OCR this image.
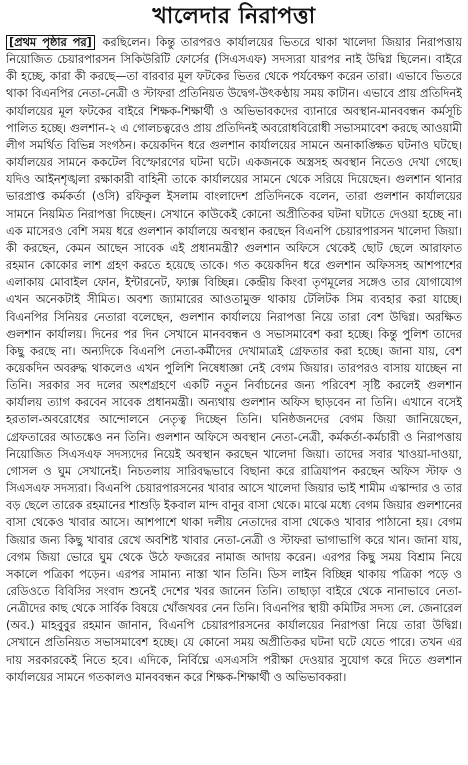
খালেদার নিরাপত্তা
[প্রথম পৃষ্ঠার পর] করছিলেন। কিন্তু তারপরও কার্যালয়ের ভিতরে থাকা খালেদা জিয়ার নিরাপত্তায় নিয়োজিত চেয়ারপারসন সিকিউরিটি ফোর্সের (সিএসএফ) সদস্যরা যারপর নাই উদ্বিগ্ন ছিলেন। বাইরে কী হচ্ছে, কারা কী করছে—তা বারবার মূল ফটকের ভিতর থেকে পর্যবেক্ষণ করেন তারা। এভাবে ভিতরে থাকা বিএনপির নেতা-নেত্রী ও স্টাফরা প্রতিনিয়ত উদ্বেগ-উৎকণ্ঠায় সময় কাটান। এভাবে প্রায় প্রতিদিনই কার্যালয়ের মূল ফটকের বাইরে শিক্ষক-শিক্ষার্থী ও অভিভাবকদের ব্যানারে অবস্থান-মানববন্ধন কর্মসূচি পালিত হচ্ছে। গুলশান-২ এ গোলচত্বরেও প্রায় প্রতিদিনই অবরোধবিরোধী সভাসমাবেশ করছে আওয়ামী লীগ সমর্থিত বিভিন্ন সংগঠন। কয়েকদিন ধরে গুলশান কার্যালয়ের সামনে অনাকাঙ্ক্ষিত ঘটনাও ঘটছে। কার্যালয়ের সামনে ককটেল বিস্ফোরণের ঘটনা ঘটে। একজনকে অস্ত্রসহ অবস্থান নিতেও দেখা গেছে। যদিও আইনশৃঙ্খলা রক্ষাকারী বাহিনী তাকে কার্যালয়ের সামনে থেকে সরিয়ে দিয়েছেন। গুলশান থানার ভারপ্রাপ্ত কর্মকর্তা (ওসি) রফিকুল ইসলাম বাংলাদেশ প্রতিদিনকে বলেন, তারা গুলশান কার্যালয়ের সামনে নিয়মিত নিরাপত্তা দিচ্ছেন। সেখানে কাউকেই কোনো অপ্রীতিকর ঘটনা ঘটাতে দেওয়া হচ্ছে না। এক মাসেরও বেশি সময় ধরে গুলশান কার্যালয়ে অবস্থান করছেন বিএনপি চেয়ারপারসন খালেদা জিয়া। কী করছেন, কেমন আছেন সাবেক এই প্রধানমন্ত্রী? গুলশান অফিসে থেকেই ছোট ছেলে আরাফাত রহমান কোকোর লাশ গ্রহণ করতে হয়েছে তাকে। গত কয়েকদিন ধরে গুলশান অফিসসহ আশপাশের এলাকায় মোবাইল ফোন, ইন্টারনেট, ফ্যাক্স বিচ্ছিন্ন। কেন্দ্রীয় কিংবা তৃণমূলের সঙ্গেও তার যোগাযোগ এখন অনেকটাই সীমিত। অবশ্য জ্যামারের আওতামুক্ত থাকায় টেলিটক সিম ব্যবহার করা যাচ্ছে। বিএনপির সিনিয়র নেতারা বলেছেন, গুলশান কার্যালয়ে নিরাপত্তা নিয়ে তারা বেশ উদ্বিগ্ন। অরক্ষিত গুলশান কার্যালয়। দিনের পর দিন সেখানে মানববন্ধন ও সভাসমাবেশ করা হচ্ছে। কিন্তু পুলিশ তাদের কিছু করছে না। অন্যদিকে বিএনপি নেতা-কর্মীদের দেখামাত্রই গ্রেফতার করা হচ্ছে। জানা যায়, বেশ কয়েকদিন অবরুদ্ধ থাকলেও এখন পুলিশি নিষেধাজ্ঞা নেই বেগম জিয়ার। তারপরও বাসায় যাচ্ছেন না তিনি। সরকার সব দলের অংশগ্রহণে একটি নতুন নির্বাচনের জন্য পরিবেশ সৃষ্টি করলেই গুলশান কার্যালয় ত্যাগ করবেন সাবেক প্রধানমন্ত্রী। অন্যথায় গুলশান অফিস ছাড়বেন না তিনি। এখানে বসেই হরতাল-অবরোধের আন্দোলনে নেতৃত্ব দিচ্ছেন তিনি। ঘনিষ্ঠজনদের বেগম জিয়া জানিয়েছেন, গ্রেফতারের আতঙ্কেও নন তিনি। গুলশান অফিসে অবস্থান নেতা-নেত্রী, কর্মকর্তা-কর্মচারী ও নিরাপত্তায় নিয়োজিত সিএসএফ সদস্যদের নিয়েই অবস্থান করছেন খালেদা জিয়া। তাদের সবার খাওয়া-দাওয়া, গোসল ও ঘুম সেখানেই। নিচতলায় সারিবদ্ধভাবে বিছানা করে রাত্রিযাপন করছেন অফিস স্টাফ ও সিএসএফ সদস্যরা। বিএনপি চেয়ারপারসনের খাবার আসে খালেদা জিয়ার ভাই শামীম এস্কান্দার ও তার বড় ছেলে তারেক রহমানের শাশুড়ি ইকবাল মান্দ বানুর বাসা থেকে। মাঝে মধ্যে বেগম জিয়ার গুলশানের বাসা থেকেও খাবার আসে। আশপাশে থাকা দলীয় নেতাদের বাসা থেকেও খাবার পাঠানো হয়। বেগম জিয়ার জন্য কিছু খাবার রেখে অবশিষ্ট খাবার নেতা-নেত্রী ও স্টাফরা ভাগাভাগি করে খান। জানা যায়, বেগম জিয়া ভোরে ঘুম থেকে উঠে ফজরের নামাজ আদায় করেন। এরপর কিছু সময় বিশ্রাম নিয়ে সকালে পত্রিকা পড়েন। এরপর সামান্য নাস্তা খান তিনি। ডিস লাইন বিচ্ছিন্ন থাকায় পত্রিকা পড়ে ও রেডিওতে বিবিসির সংবাদ শুনেই দেশের খবর জানেন তিনি। তাছাড়া বাইরে থেকে নানাভাবে নেতা-নেত্রীদের কাছ থেকে সার্বিক বিষয়ে খোঁজখবর নেন তিনি। বিএনপির স্থায়ী কমিটির সদস্য লে. জেনারেল (অব.) মাহবুবুর রহমান জানান, বিএনপি চেয়ারপারসনের কার্যালয়ের নিরাপত্তা নিয়ে তারা উদ্বিগ্ন। সেখানে প্রতিনিয়ত সভাসমাবেশ হচ্ছে। যে কোনো সময় অপ্রীতিকর ঘটনা ঘটে যেতে পারে। তখন এর দায় সরকারকেই নিতে হবে। এদিকে, নির্বিঘ্নে এসএসসি পরীক্ষা দেওয়ার সুযোগ করে দিতে গুলশান কার্যালয়ের সামনে গতকালও মানববন্ধন করে শিক্ষক-শিক্ষার্থী ও অভিভাবকরা।
